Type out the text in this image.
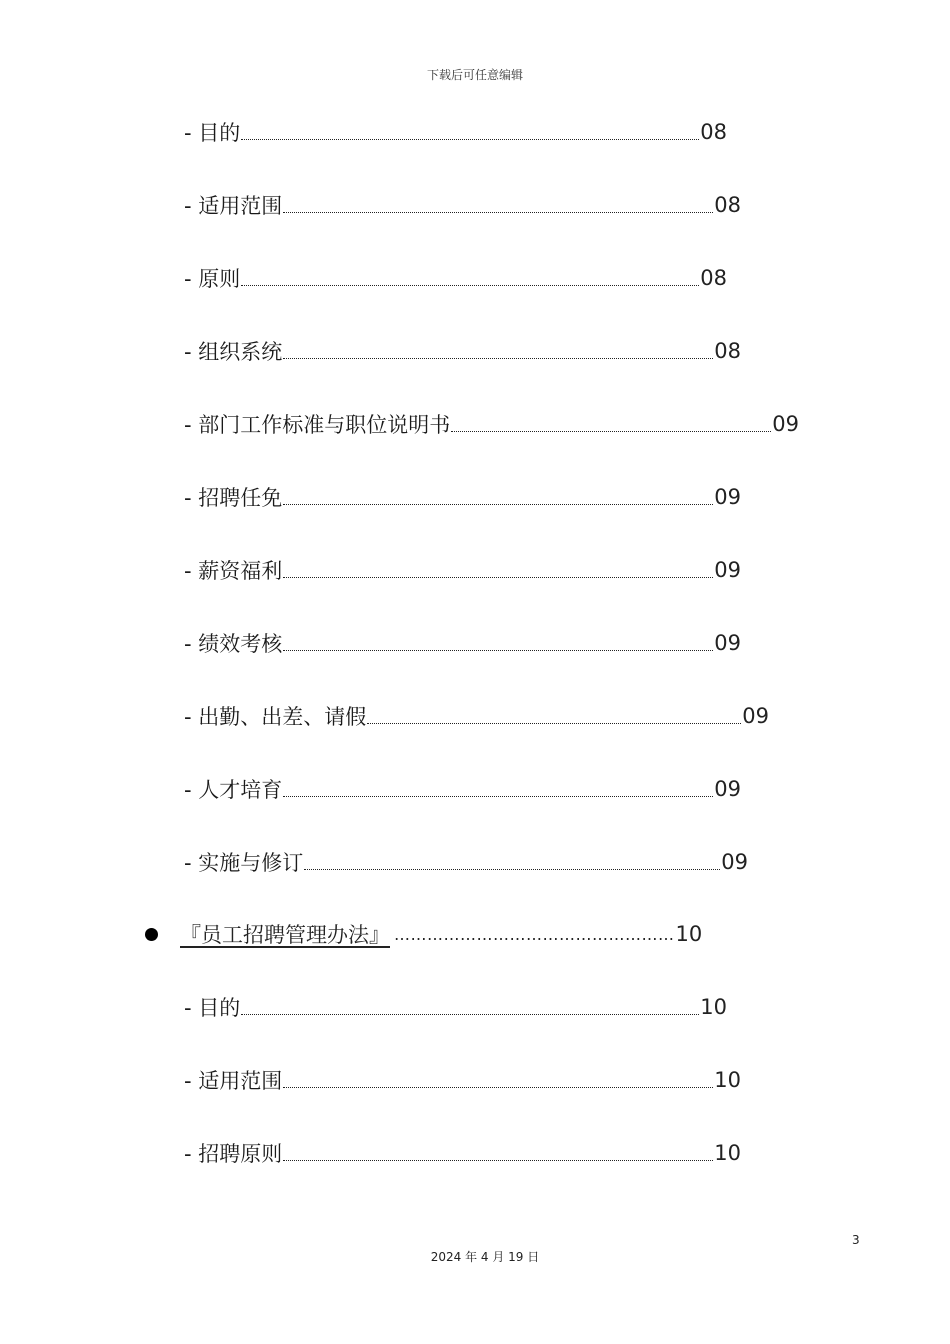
下载后可任意编辑
- 目的	08
- 适用范围	08
- 原则	08
- 组织系统	08
- 部门工作标准与职位说明书	09
- 招聘任免	09
- 薪资福利	09
- 绩效考核	09
- 出勤、出差、请假	09
- 人才培育	09
- 实施与修订	09
『员工招聘管理办法』 …………………………………………… 10
- 目的	10
- 适用范围	10
- 招聘原则	10
3
2024 年 4 月 19 日
